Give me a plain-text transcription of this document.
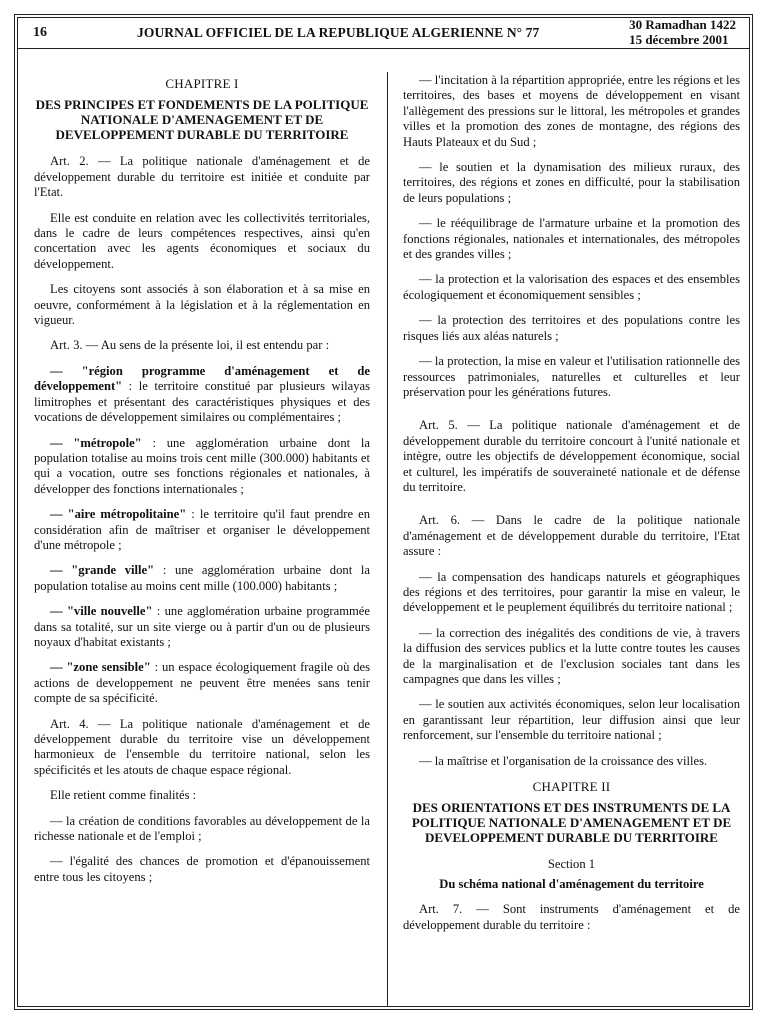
16	JOURNAL OFFICIEL DE LA REPUBLIQUE ALGERIENNE N° 77
30 Ramadhan 1422
15 décembre 2001
CHAPITRE I
DES PRINCIPES ET FONDEMENTS DE LA POLITIQUE NATIONALE D'AMENAGEMENT ET DE DEVELOPPEMENT DURABLE DU TERRITOIRE

Art. 2. — La politique nationale d'aménagement et de développement durable du territoire est initiée et conduite par l'Etat.

Elle est conduite en relation avec les collectivités territoriales, dans le cadre de leurs compétences respectives, ainsi qu'en concertation avec les agents économiques et sociaux du développement.

Les citoyens sont associés à son élaboration et à sa mise en oeuvre, conformément à la législation et à la réglementation en vigueur.

Art. 3. — Au sens de la présente loi, il est entendu par :

— "région programme d'aménagement et de développement" : le territoire constitué par plusieurs wilayas limitrophes et présentant des caractéristiques physiques et des vocations de développement similaires ou complémentaires ;

— "métropole" : une agglomération urbaine dont la population totalise au moins trois cent mille (300.000) habitants et qui a vocation, outre ses fonctions régionales et nationales, à développer des fonctions internationales ;

— "aire métropolitaine" : le territoire qu'il faut prendre en considération afin de maîtriser et organiser le développement d'une métropole ;

— "grande ville" : une agglomération urbaine dont la population totalise au moins cent mille (100.000) habitants ;

— "ville nouvelle" : une agglomération urbaine programmée dans sa totalité, sur un site vierge ou à partir d'un ou de plusieurs noyaux d'habitat existants ;

— "zone sensible" : un espace écologiquement fragile où des actions de developpement ne peuvent être menées sans tenir compte de sa spécificité.

Art. 4. — La politique nationale d'aménagement et de développement durable du territoire vise un développement harmonieux de l'ensemble du territoire national, selon les spécificités et les atouts de chaque espace régional.

Elle retient comme finalités :

— la création de conditions favorables au développement de la richesse nationale et de l'emploi ;

— l'égalité des chances de promotion et d'épanouissement entre tous les citoyens ;

— l'incitation à la répartition appropriée, entre les régions et les territoires, des bases et moyens de développement en visant l'allègement des pressions sur le littoral, les métropoles et grandes villes et la promotion des zones de montagne, des régions des Hauts Plateaux et du Sud ;

— le soutien et la dynamisation des milieux ruraux, des territoires, des régions et zones en difficulté, pour la stabilisation de leurs populations ;

— le rééquilibrage de l'armature urbaine et la promotion des fonctions régionales, nationales et internationales, des métropoles et des grandes villes ;

— la protection et la valorisation des espaces et des ensembles écologiquement et économiquement sensibles ;

— la protection des territoires et des populations contre les risques liés aux aléas naturels ;

— la protection, la mise en valeur et l'utilisation rationnelle des ressources patrimoniales, naturelles et culturelles et leur préservation pour les générations futures.

Art. 5. — La politique nationale d'aménagement et de développement durable du territoire concourt à l'unité nationale et intègre, outre les objectifs de développement économique, social et culturel, les impératifs de souveraineté nationale et de défense du territoire.

Art. 6. — Dans le cadre de la politique nationale d'aménagement et de développement durable du territoire, l'Etat assure :

— la compensation des handicaps naturels et géographiques des régions et des territoires, pour garantir la mise en valeur, le développement et le peuplement équilibrés du territoire national ;

— la correction des inégalités des conditions de vie, à travers la diffusion des services publics et la lutte contre toutes les causes de la marginalisation et de l'exclusion sociales tant dans les campagnes que dans les villes ;

— le soutien aux activités économiques, selon leur localisation en garantissant leur répartition, leur diffusion ainsi que leur renforcement, sur l'ensemble du territoire national ;

— la maîtrise et l'organisation de la croissance des villes.

CHAPITRE II
DES ORIENTATIONS ET DES INSTRUMENTS DE LA POLITIQUE NATIONALE D'AMENAGEMENT ET DE DEVELOPPEMENT DURABLE DU TERRITOIRE
Section 1
Du schéma national d'aménagement du territoire

Art. 7. — Sont instruments d'aménagement et de développement durable du territoire :
